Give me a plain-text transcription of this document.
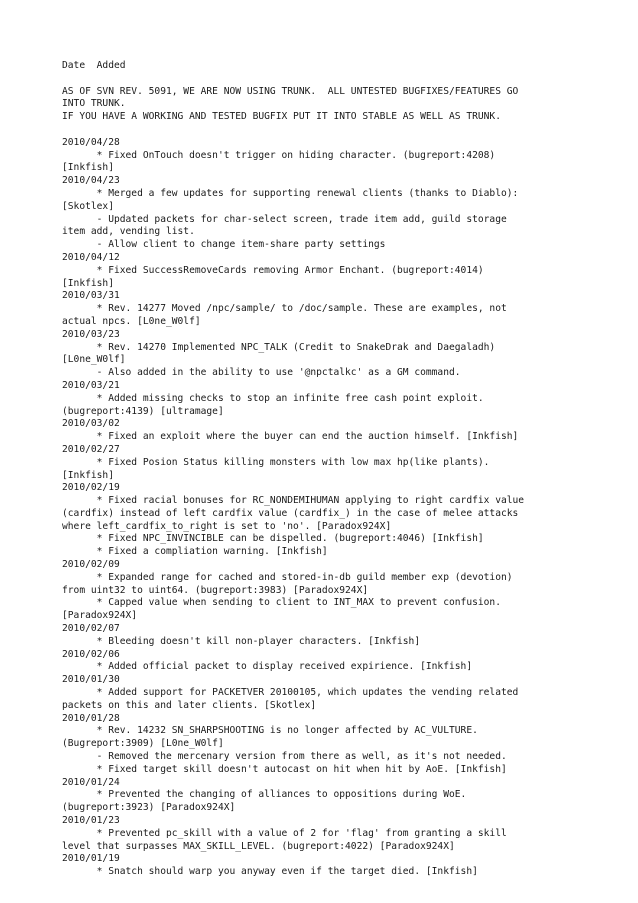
Date  Added
AS OF SVN REV. 5091, WE ARE NOW USING TRUNK.  ALL UNTESTED BUGFIXES/FEATURES GO
INTO TRUNK.
IF YOU HAVE A WORKING AND TESTED BUGFIX PUT IT INTO STABLE AS WELL AS TRUNK.
2010/04/28
* Fixed OnTouch doesn't trigger on hiding character. (bugreport:4208)
[Inkfish]
2010/04/23
* Merged a few updates for supporting renewal clients (thanks to Diablo):
[Skotlex]
- Updated packets for char-select screen, trade item add, guild storage
item add, vending list.
- Allow client to change item-share party settings
2010/04/12
* Fixed SuccessRemoveCards removing Armor Enchant. (bugreport:4014)
[Inkfish]
2010/03/31
* Rev. 14277 Moved /npc/sample/ to /doc/sample. These are examples, not
actual npcs. [L0ne_W0lf]
2010/03/23
* Rev. 14270 Implemented NPC_TALK (Credit to SnakeDrak and Daegaladh)
[L0ne_W0lf]
- Also added in the ability to use '@npctalkc' as a GM command.
2010/03/21
* Added missing checks to stop an infinite free cash point exploit.
(bugreport:4139) [ultramage]
2010/03/02
* Fixed an exploit where the buyer can end the auction himself. [Inkfish]
2010/02/27
* Fixed Posion Status killing monsters with low max hp(like plants).
[Inkfish]
2010/02/19
* Fixed racial bonuses for RC_NONDEMIHUMAN applying to right cardfix value
(cardfix) instead of left cardfix value (cardfix_) in the case of melee attacks
where left_cardfix_to_right is set to 'no'. [Paradox924X]
* Fixed NPC_INVINCIBLE can be dispelled. (bugreport:4046) [Inkfish]
* Fixed a compliation warning. [Inkfish]
2010/02/09
* Expanded range for cached and stored-in-db guild member exp (devotion)
from uint32 to uint64. (bugreport:3983) [Paradox924X]
* Capped value when sending to client to INT_MAX to prevent confusion.
[Paradox924X]
2010/02/07
* Bleeding doesn't kill non-player characters. [Inkfish]
2010/02/06
* Added official packet to display received expirience. [Inkfish]
2010/01/30
* Added support for PACKETVER 20100105, which updates the vending related
packets on this and later clients. [Skotlex]
2010/01/28
* Rev. 14232 SN_SHARPSHOOTING is no longer affected by AC_VULTURE.
(Bugreport:3909) [L0ne_W0lf]
- Removed the mercenary version from there as well, as it's not needed.
* Fixed target skill doesn't autocast on hit when hit by AoE. [Inkfish]
2010/01/24
* Prevented the changing of alliances to oppositions during WoE.
(bugreport:3923) [Paradox924X]
2010/01/23
* Prevented pc_skill with a value of 2 for 'flag' from granting a skill
level that surpasses MAX_SKILL_LEVEL. (bugreport:4022) [Paradox924X]
2010/01/19
* Snatch should warp you anyway even if the target died. [Inkfish]
